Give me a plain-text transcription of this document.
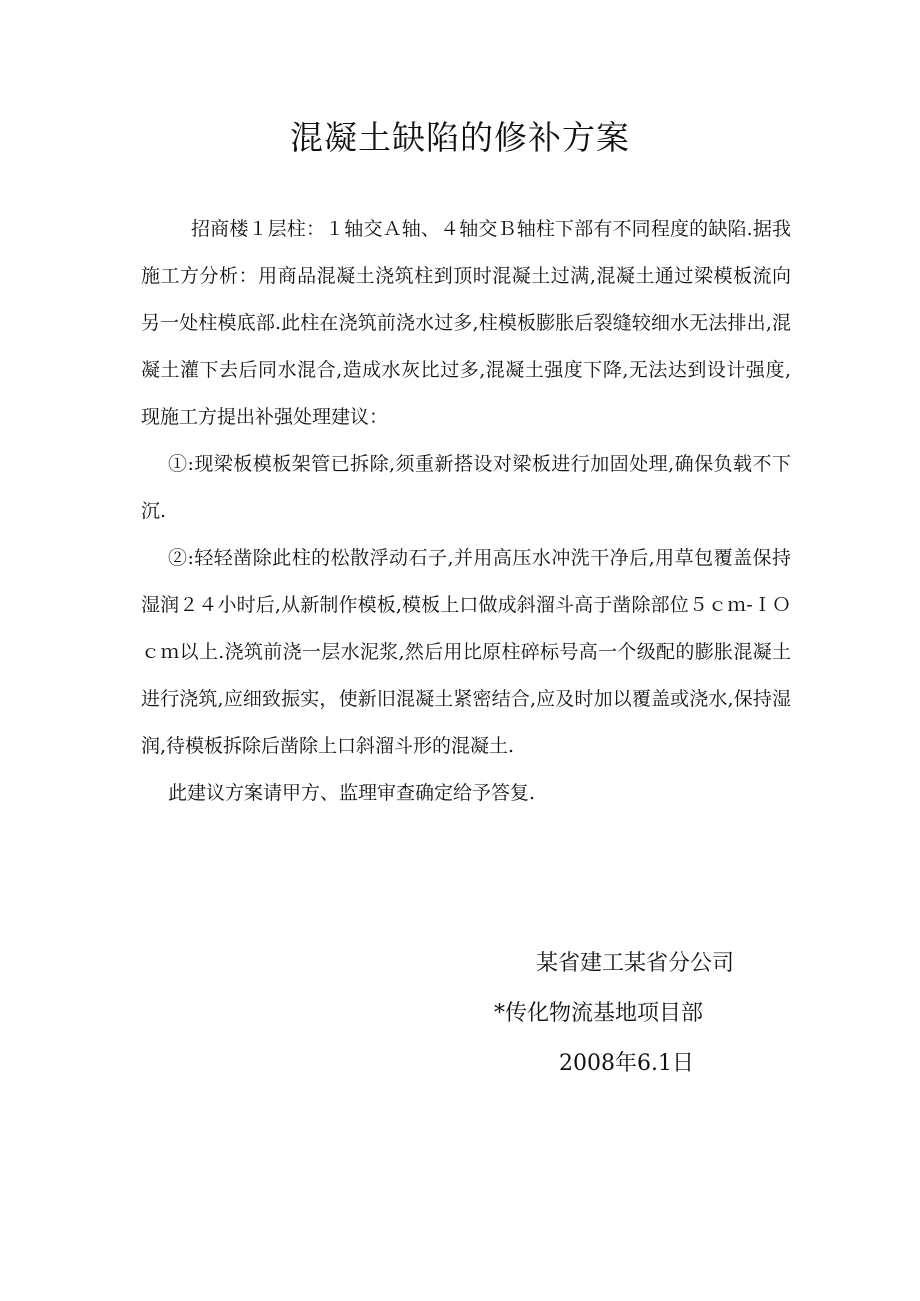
混凝土缺陷的修补方案

招商楼１层柱：１轴交Ａ轴、４轴交Ｂ轴柱下部有不同程度的缺陷.据我施工方分析：用商品混凝土浇筑柱到顶时混凝土过满,混凝土通过梁模板流向另一处柱模底部.此柱在浇筑前浇水过多,柱模板膨胀后裂缝较细水无法排出,混凝土灌下去后同水混合,造成水灰比过多,混凝土强度下降,无法达到设计强度,现施工方提出补强处理建议：

①:现梁板模板架管已拆除,须重新搭设对梁板进行加固处理,确保负载不下沉.

②:轻轻凿除此柱的松散浮动石子,并用高压水冲洗干净后,用草包覆盖保持湿润２４小时后,从新制作模板,模板上口做成斜溜斗高于凿除部位５ｃｍ-ＩＯｃｍ以上.浇筑前浇一层水泥浆,然后用比原柱碎标号高一个级配的膨胀混凝土进行浇筑,应细致振实，使新旧混凝土紧密结合,应及时加以覆盖或浇水,保持湿润,待模板拆除后凿除上口斜溜斗形的混凝土.

此建议方案请甲方、监理审查确定给予答复.

某省建工某省分公司
*传化物流基地项目部
2008年6.1日
